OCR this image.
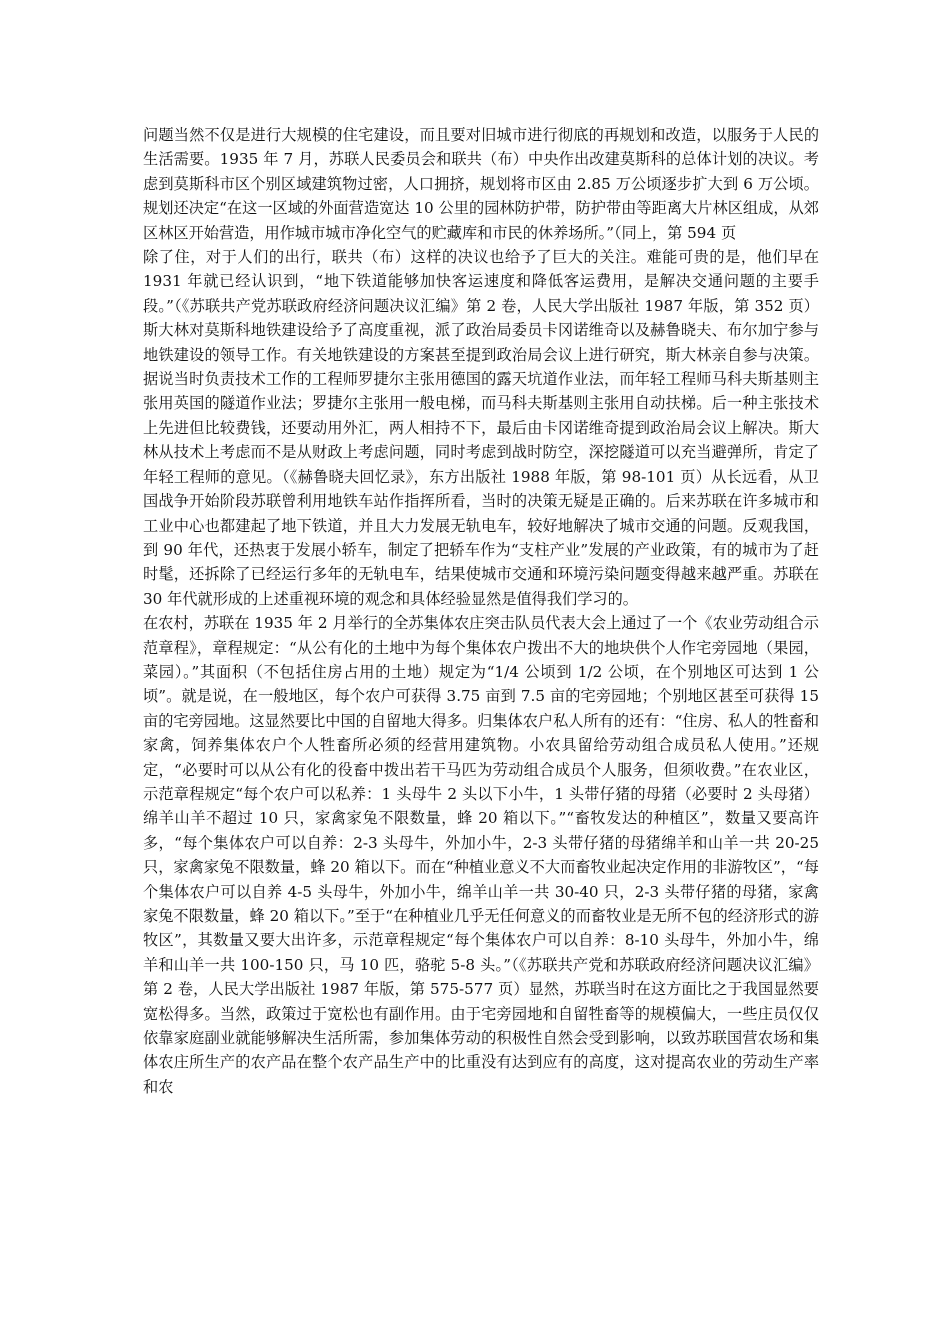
问题当然不仅是进行大规模的住宅建设，而且要对旧城市进行彻底的再规划和改造，以服务于人民的生活需要。1935 年 7 月，苏联人民委员会和联共（布）中央作出改建莫斯科的总体计划的决议。考虑到莫斯科市区个别区域建筑物过密，人口拥挤，规划将市区由 2.85 万公顷逐步扩大到 6 万公顷。规划还决定“在这一区域的外面营造宽达 10 公里的园林防护带，防护带由等距离大片林区组成，从郊区林区开始营造，用作城市城市净化空气的贮藏库和市民的休养场所。”（同上，第 594 页

除了住，对于人们的出行，联共（布）这样的决议也给予了巨大的关注。难能可贵的是，他们早在 1931 年就已经认识到，“地下铁道能够加快客运速度和降低客运费用，是解决交通问题的主要手段。”（《苏联共产党苏联政府经济问题决议汇编》第 2 卷，人民大学出版社 1987 年版，第 352 页）斯大林对莫斯科地铁建设给予了高度重视，派了政治局委员卡冈诺维奇以及赫鲁晓夫、布尔加宁参与地铁建设的领导工作。有关地铁建设的方案甚至提到政治局会议上进行研究，斯大林亲自参与决策。据说当时负责技术工作的工程师罗捷尔主张用德国的露天坑道作业法，而年轻工程师马科夫斯基则主张用英国的隧道作业法；罗捷尔主张用一般电梯，而马科夫斯基则主张用自动扶梯。后一种主张技术上先进但比较费钱，还要动用外汇，两人相持不下，最后由卡冈诺维奇提到政治局会议上解决。斯大林从技术上考虑而不是从财政上考虑问题，同时考虑到战时防空，深挖隧道可以充当避弹所，肯定了年轻工程师的意见。（《赫鲁晓夫回忆录》，东方出版社 1988 年版，第 98-101 页）从长远看，从卫国战争开始阶段苏联曾利用地铁车站作指挥所看，当时的决策无疑是正确的。后来苏联在许多城市和工业中心也都建起了地下铁道，并且大力发展无轨电车，较好地解决了城市交通的问题。反观我国，到 90 年代，还热衷于发展小轿车，制定了把轿车作为“支柱产业”发展的产业政策，有的城市为了赶时髦，还拆除了已经运行多年的无轨电车，结果使城市交通和环境污染问题变得越来越严重。苏联在 30 年代就形成的上述重视环境的观念和具体经验显然是值得我们学习的。

在农村，苏联在 1935 年 2 月举行的全苏集体农庄突击队员代表大会上通过了一个《农业劳动组合示范章程》，章程规定：“从公有化的土地中为每个集体农户拨出不大的地块供个人作宅旁园地（果园，菜园）。”其面积（不包括住房占用的土地）规定为“1/4 公顷到 1/2 公顷，在个别地区可达到 1 公顷”。就是说，在一般地区，每个农户可获得 3.75 亩到 7.5 亩的宅旁园地；个别地区甚至可获得 15 亩的宅旁园地。这显然要比中国的自留地大得多。归集体农户私人所有的还有：“住房、私人的牲畜和家禽，饲养集体农户个人牲畜所必须的经营用建筑物。小农具留给劳动组合成员私人使用。”还规定，“必要时可以从公有化的役畜中拨出若干马匹为劳动组合成员个人服务，但须收费。”在农业区，示范章程规定“每个农户可以私养：1 头母牛 2 头以下小牛，1 头带仔猪的母猪（必要时 2 头母猪）绵羊山羊不超过 10 只，家禽家兔不限数量，蜂 20 箱以下。”“畜牧发达的种植区”，数量又要高许多，“每个集体农户可以自养：2-3 头母牛，外加小牛，2-3 头带仔猪的母猪绵羊和山羊一共 20-25 只，家禽家兔不限数量，蜂 20 箱以下。而在“种植业意义不大而畜牧业起决定作用的非游牧区”，“每个集体农户可以自养 4-5 头母牛，外加小牛，绵羊山羊一共 30-40 只，2-3 头带仔猪的母猪，家禽家兔不限数量，蜂 20 箱以下。”至于“在种植业几乎无任何意义的而畜牧业是无所不包的经济形式的游牧区”，其数量又要大出许多，示范章程规定“每个集体农户可以自养：8-10 头母牛，外加小牛，绵羊和山羊一共 100-150 只，马 10 匹，骆驼 5-8 头。”（《苏联共产党和苏联政府经济问题决议汇编》第 2 卷，人民大学出版社 1987 年版，第 575-577 页）显然，苏联当时在这方面比之于我国显然要宽松得多。当然，政策过于宽松也有副作用。由于宅旁园地和自留牲畜等的规模偏大，一些庄员仅仅依靠家庭副业就能够解决生活所需，参加集体劳动的积极性自然会受到影响，以致苏联国营农场和集体农庄所生产的农产品在整个农产品生产中的比重没有达到应有的高度，这对提高农业的劳动生产率和农
